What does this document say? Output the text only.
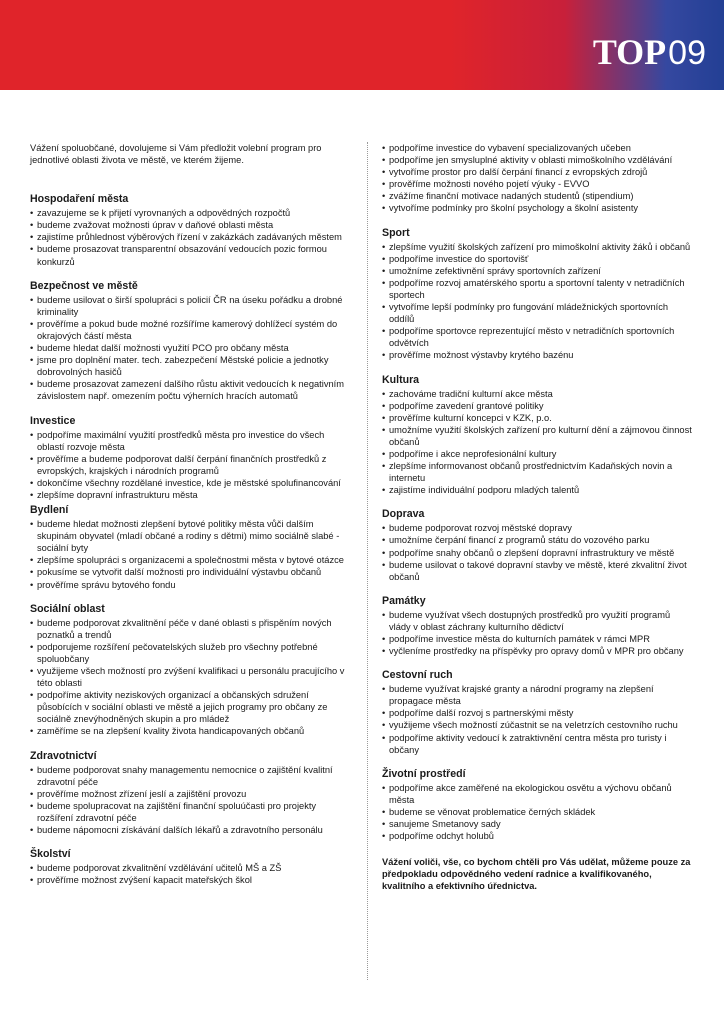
TOP 09

Vážení spoluobčané, dovolujeme si Vám předložit volební program pro jednotlivé oblasti života ve městě, ve kterém žijeme.

Hospodaření města
• zavazujeme se k přijetí vyrovnaných a odpovědných rozpočtů
• budeme zvažovat možnosti úprav v daňové oblasti města
• zajistíme průhlednost výběrových řízení v zakázkách zadávaných městem
• budeme prosazovat transparentní obsazování vedoucích pozic formou konkurzů
Bezpečnost ve městě
• budeme usilovat o širší spolupráci s policií ČR na úseku pořádku a drobné kriminality
• prověříme a pokud bude možné rozšíříme kamerový dohlížecí systém do okrajových částí města
• budeme hledat další možnosti využití PCO pro občany města
• jsme pro doplnění mater. tech. zabezpečení Městské policie a jednotky dobrovolných hasičů
• budeme prosazovat zamezení dalšího růstu aktivit vedoucích k negativním závislostem např. omezením počtu výherních hracích automatů
Investice
• podpoříme maximální využití prostředků města pro investice do všech oblastí rozvoje města
• prověříme a budeme podporovat další čerpání finančních prostředků z evropských, krajských i národních programů
• dokončíme všechny rozdělané investice, kde je městské spolufinancování
• zlepšíme dopravní infrastrukturu města
Bydlení
• budeme hledat možnosti zlepšení bytové politiky města vůči dalším skupinám obyvatel (mladí občané a rodiny s dětmi) mimo sociálně slabé - sociální byty
• zlepšíme spolupráci s organizacemi a společnostmi města v bytové otázce
• pokusíme se vytvořit další možnosti pro individuální výstavbu občanů
• prověříme správu bytového fondu
Sociální oblast
• budeme podporovat zkvalitnění péče v dané oblasti s přispěním nových poznatků a trendů
• podporujeme rozšíření pečovatelských služeb pro všechny potřebné spoluobčany
• využijeme všech možností pro zvýšení kvalifikaci u personálu pracujícího v této oblasti
• podpoříme aktivity neziskových organizací a občanských sdružení působících v sociální oblasti ve městě a jejich programy pro občany ze sociálně znevýhodněných skupin a pro mládež
• zaměříme se na zlepšení kvality života handicapovaných občanů
Zdravotnictví
• budeme podporovat snahy managementu nemocnice o zajištění kvalitní zdravotní péče
• prověříme možnost zřízení jeslí a zajištění provozu
• budeme spolupracovat na zajištění finanční spoluúčasti pro projekty rozšíření zdravotní péče
• budeme nápomocni získávání dalších lékařů a zdravotního personálu
Školství
• budeme podporovat zkvalitnění vzdělávání učitelů MŠ a ZŠ
• prověříme možnost zvýšení kapacit mateřských škol
• podpoříme investice do vybavení specializovaných učeben
• podpoříme jen smysluplné aktivity v oblasti mimoškolního vzdělávání
• vytvoříme prostor pro další čerpání financí z evropských zdrojů
• prověříme možnosti nového pojetí výuky - EVVO
• zvážíme finanční motivace nadaných studentů (stipendium)
• vytvoříme podmínky pro školní psychology a školní asistenty
Sport
• zlepšíme využití školských zařízení pro mimoškolní aktivity žáků i občanů
• podpoříme investice do sportovišť
• umožníme zefektivnění správy sportovních zařízení
• podpoříme rozvoj amatérského sportu a sportovní talenty v netradičních sportech
• vytvoříme lepší podmínky pro fungování mládežnických sportovních oddílů
• podpoříme sportovce reprezentující město v netradičních sportovních odvětvích
• prověříme možnost výstavby krytého bazénu
Kultura
• zachováme tradiční kulturní akce města
• podpoříme zavedení grantové politiky
• prověříme kulturní koncepci v KZK, p.o.
• umožníme využití školských zařízení pro kulturní dění a zájmovou činnost občanů
• podpoříme i akce neprofesionální kultury
• zlepšíme informovanost občanů prostřednictvím Kadaňských novin a internetu
• zajistíme individuální podporu mladých talentů
Doprava
• budeme podporovat rozvoj městské dopravy
• umožníme čerpání financí z programů státu do vozového parku
• podpoříme snahy občanů o zlepšení dopravní infrastruktury ve městě
• budeme usilovat o takové dopravní stavby ve městě, které zkvalitní život občanů
Památky
• budeme využívat všech dostupných prostředků pro využití programů vlády v oblast záchrany kulturního dědictví
• podpoříme investice města do kulturních památek v rámci MPR
• vyčleníme prostředky na příspěvky pro opravy domů v MPR pro občany
Cestovní ruch
• budeme využívat krajské granty a národní programy na zlepšení propagace města
• podpoříme další rozvoj s partnerskými městy
• využijeme všech možností zúčastnit se na veletrzích cestovního ruchu
• podpoříme aktivity vedoucí k zatraktivnění centra města pro turisty i občany
Životní prostředí
• podpoříme akce zaměřené na ekologickou osvětu a výchovu občanů města
• budeme se věnovat problematice černých skládek
• sanujeme Smetanovy sady
• podpoříme odchyt holubů

Vážení voliči, vše, co bychom chtěli pro Vás udělat, můžeme pouze za předpokladu odpovědného vedení radnice a kvalifikovaného, kvalitního a efektivního úřednictva.
